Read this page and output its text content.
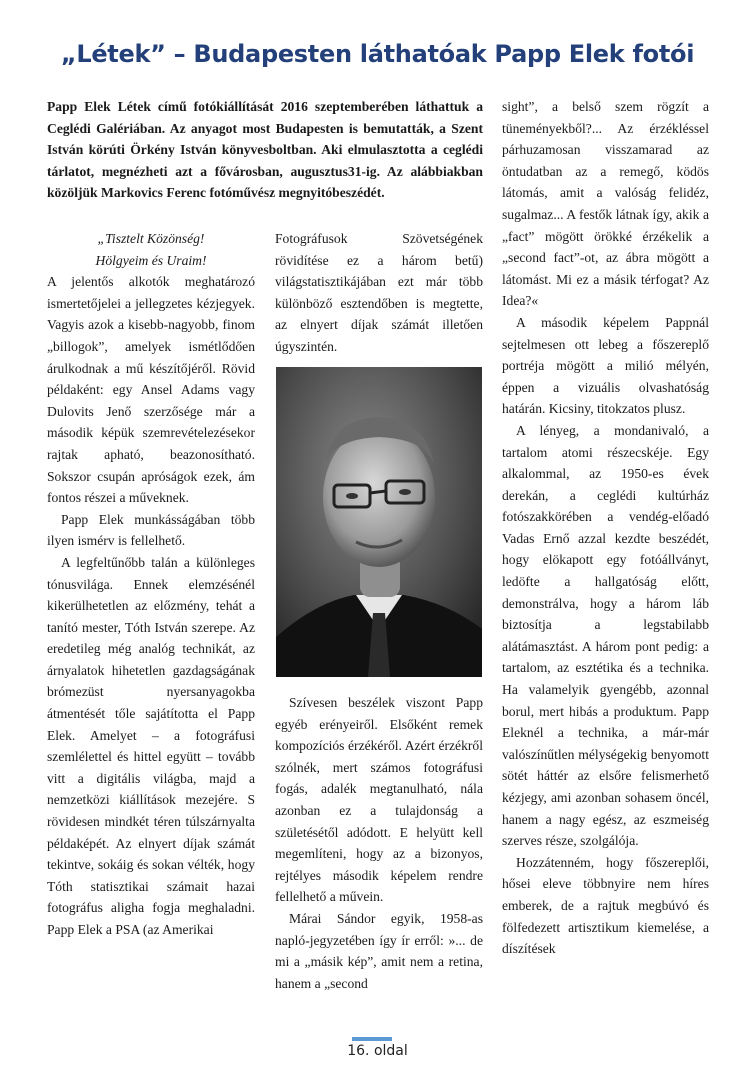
„Létek” – Budapesten láthatóak Papp Elek fotói

Papp Elek Létek című fotókiállítását 2016 szeptemberében láthattuk a Ceglédi Galériában. Az anyagot most Budapesten is bemutatták, a Szent István körúti Örkény István könyvesboltban. Aki elmulasztotta a ceglédi tárlatot, megnézheti azt a fővárosban, augusztus31-ig. Az alábbiakban közöljük Markovics Ferenc fotóművész megnyitóbeszédét.

„Tisztelt Közönség!

Hölgyeim és Uraim!

A jelentős alkotók meghatározó ismertetőjelei a jellegzetes kézjegyek. Vagyis azok a kisebb-nagyobb, finom „billogok”, amelyek ismétlődően árulkodnak a mű készítőjéről. Rövid példaként: egy Ansel Adams vagy Dulovits Jenő szerzősége már a második képük szemrevételezésekor rajtak apható, beazonosítható. Sokszor csupán apróságok ezek, ám fontos részei a műveknek.

Papp Elek munkásságában több ilyen ismérv is fellelhető.

A legfeltűnőbb talán a különleges tónusvilága. Ennek elemzésénél kikerülhetetlen az előzmény, tehát a tanító mester, Tóth István szerepe. Az eredetileg még analóg technikát, az árnyalatok hihetetlen gazdagságának brómezüst nyersanyagokba átmentését tőle sajátította el Papp Elek. Amelyet – a fotográfusi szemlélettel és hittel együtt – tovább vitt a digitális világba, majd a nemzetközi kiállítások mezejére. S rövidesen mindkét téren túlszárnyalta példaképét. Az elnyert díjak számát tekintve, sokáig és sokan vélték, hogy Tóth statisztikai számait hazai fotográfus aligha fogja meghaladni. Papp Elek a PSA (az Amerikai

Fotográfusok Szövetségének rövidítése ez a három betű) világstatisztikájában ezt már több különböző esztendőben is megtette, az elnyert díjak számát illetően úgyszintén.

Szívesen beszélek viszont Papp egyéb erényeiről. Elsőként remek kompozíciós érzékéről. Azért érzékről szólnék, mert számos fotográfusi fogás, adalék megtanulható, nála azonban ez a tulajdonság a születésétől adódott. E helyütt kell megemlíteni, hogy az a bizonyos, rejtélyes második képelem rendre fellelhető a művein.

Márai Sándor egyik, 1958-as napló-jegyzetében így ír erről: »... de mi a „másik kép”, amit nem a retina, hanem a „second

sight”, a belső szem rögzít a tüneményekből?... Az érzékléssel párhuzamosan visszamarad az öntudatban az a remegő, ködös látomás, amit a valóság felidéz, sugalmaz... A festők látnak így, akik a „fact” mögött örökké érzékelik a „second fact”-ot, az ábra mögött a látomást. Mi ez a másik térfogat? Az Idea?«

A második képelem Pappnál sejtelmesen ott lebeg a főszereplő portréja mögött a milió mélyén, éppen a vizuális olvashatóság határán. Kicsiny, titokzatos plusz.

A lényeg, a mondanivaló, a tartalom atomi részecskéje. Egy alkalommal, az 1950-es évek derekán, a ceglédi kultúrház fotószakkörében a vendég-előadó Vadas Ernő azzal kezdte beszédét, hogy elökapott egy fotóállványt, ledöfte a hallgatóság előtt, demonstrálva, hogy a három láb biztosítja a legstabilabb alátámasztást. A három pont pedig: a tartalom, az esztétika és a technika. Ha valamelyik gyengébb, azonnal borul, mert hibás a produktum. Papp Eleknél a technika, a már-már valószínűtlen mélységekig benyomott sötét háttér az elsőre felismerhető kézjegy, ami azonban sohasem öncél, hanem a nagy egész, az eszmeiség szerves része, szolgálója.

Hozzátenném, hogy főszereplői, hősei eleve többnyire nem híres emberek, de a rajtuk megbúvó és fölfedezett artisztikum kiemelése, a díszítések

16. oldal
